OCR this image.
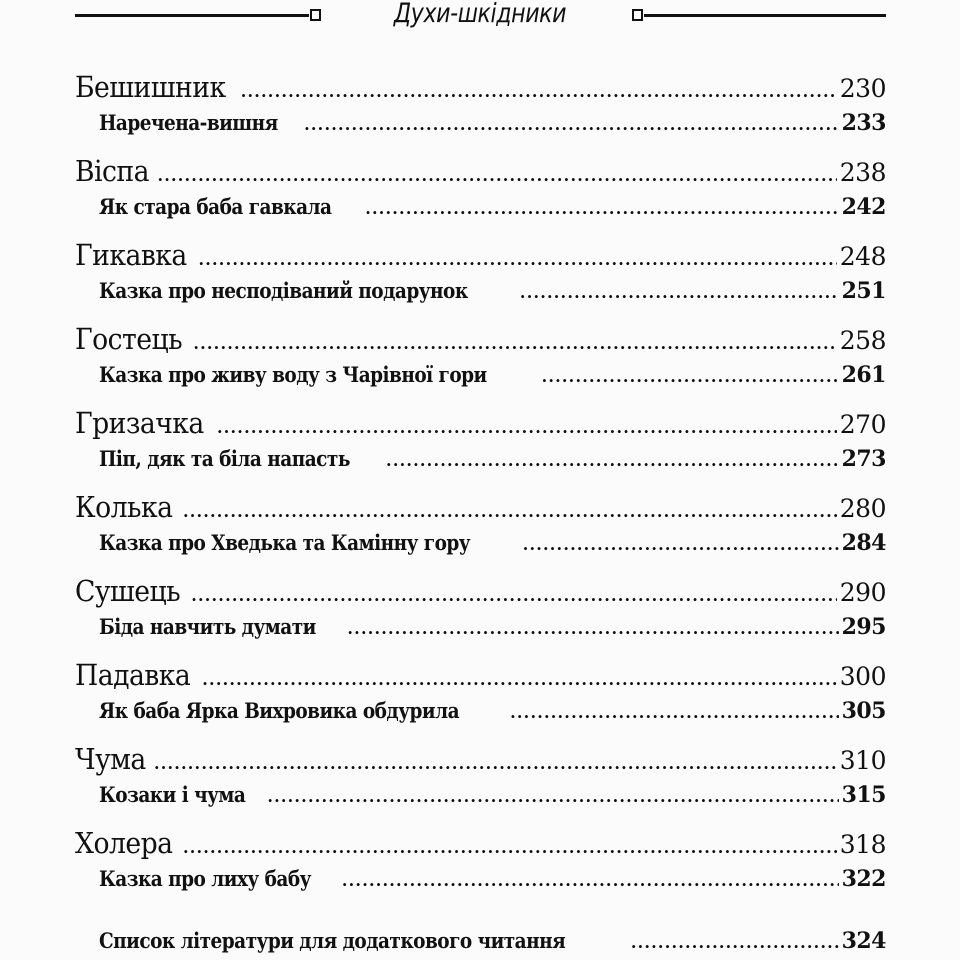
Духи-шкідники
Бешишник .....	230
Наречена-вишня .....	233
Віспа .....	238
Як стара баба гавкала .....	242
Гикавка .....	248
Казка про несподіваний подарунок .....	251
Гостець .....	258
Казка про живу воду з Чарівної гори .....	261
Гризачка .....	270
Піп, дяк та біла напасть .....	273
Колька .....	280
Казка про Хведька та Камінну гору .....	284
Сушець .....	290
Біда навчить думати .....	295
Падавка .....	300
Як баба Ярка Вихровика обдурила .....	305
Чума .....	310
Козаки і чума .....	315
Холера .....	318
Казка про лиху бабу .....	322
Список літератури для додаткового читання .....	324
